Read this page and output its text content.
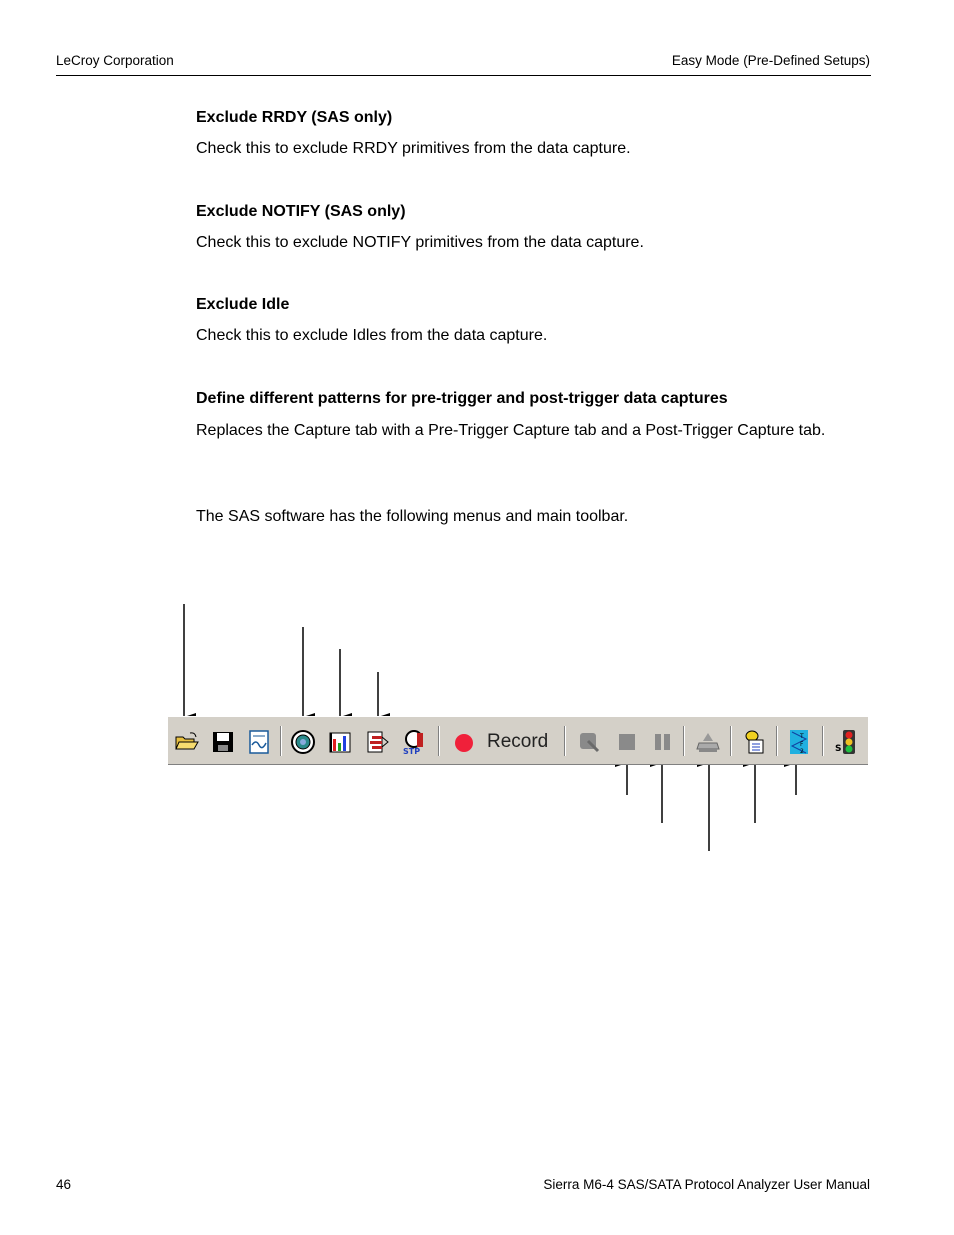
LeCroy Corporation	Easy Mode (Pre-Defined Setups)
Exclude RRDY (SAS only)
Check this to exclude RRDY primitives from the data capture.
Exclude NOTIFY (SAS only)
Check this to exclude NOTIFY primitives from the data capture.
Exclude Idle
Check this to exclude Idles from the data capture.
Define different patterns for pre-trigger and post-trigger data captures
Replaces the Capture tab with a Pre-Trigger Capture tab and a Post-Trigger Capture tab.
The SAS software has the following menus and main toolbar.
STP	Record	T
F
2	S
46	Sierra M6-4 SAS/SATA Protocol Analyzer User Manual
